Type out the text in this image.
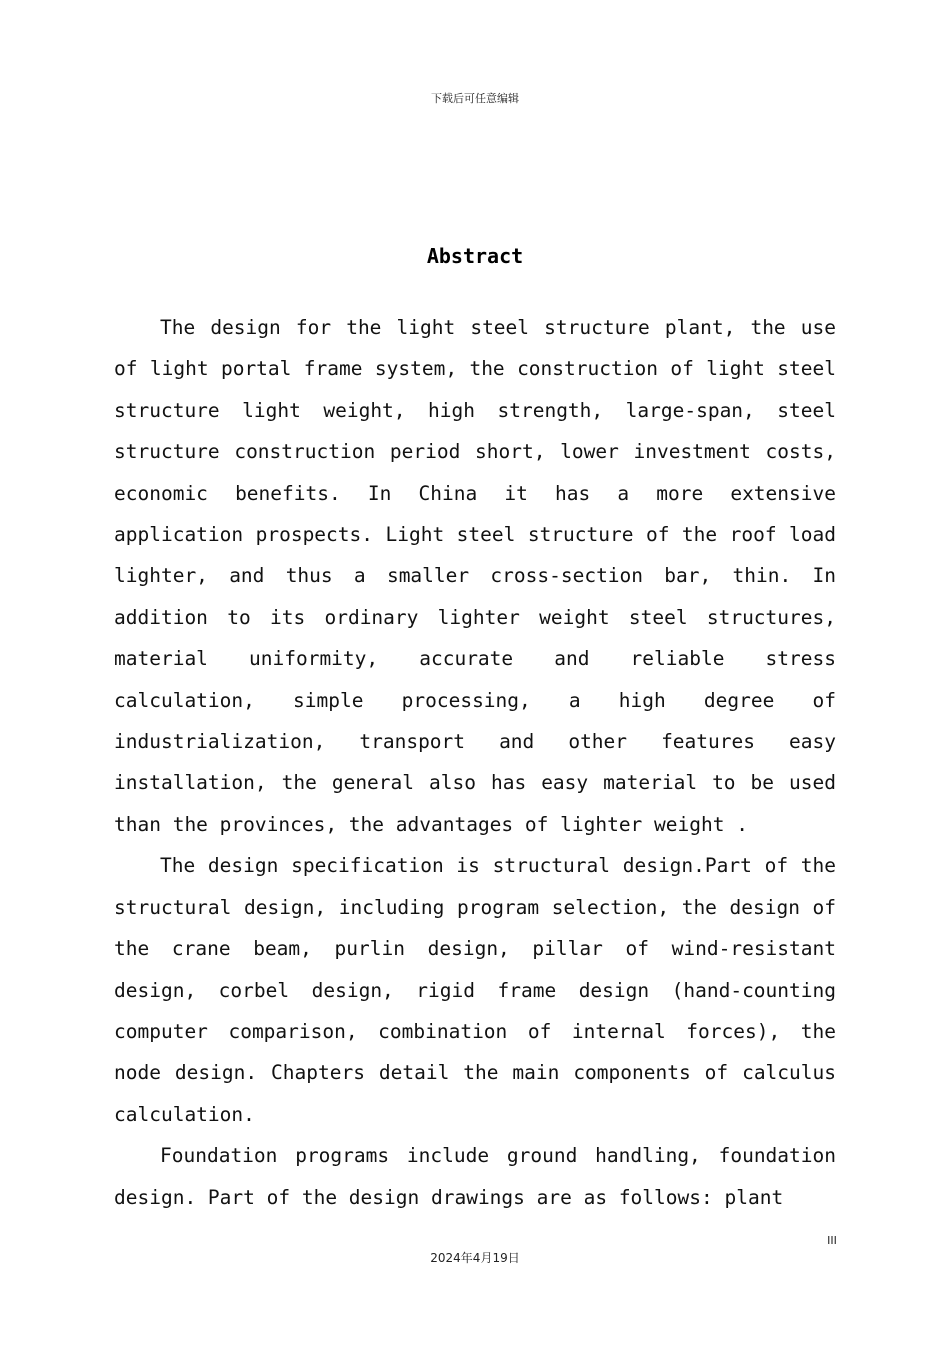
下载后可任意编辑
Abstract

The design for the light steel structure plant, the use of light portal frame system, the construction of light steel structure light weight, high strength, large-span, steel structure construction period short, lower investment costs, economic benefits. In China it has a more extensive application prospects. Light steel structure of the roof load lighter, and thus a smaller cross-section bar, thin. In addition to its ordinary lighter weight steel structures, material uniformity, accurate and reliable stress calculation, simple processing, a high degree of industrialization, transport and other features easy installation, the general also has easy material to be used than the provinces, the advantages of lighter weight .

The design specification is structural design.Part of the structural design, including program selection, the design of the crane beam, purlin design, pillar of wind-resistant design, corbel design, rigid frame design (hand-counting computer comparison, combination of internal forces), the node design. Chapters detail the main components of calculus calculation.

Foundation programs include ground handling, foundation design. Part of the design drawings are as follows: plant

III
2024年4月19日
